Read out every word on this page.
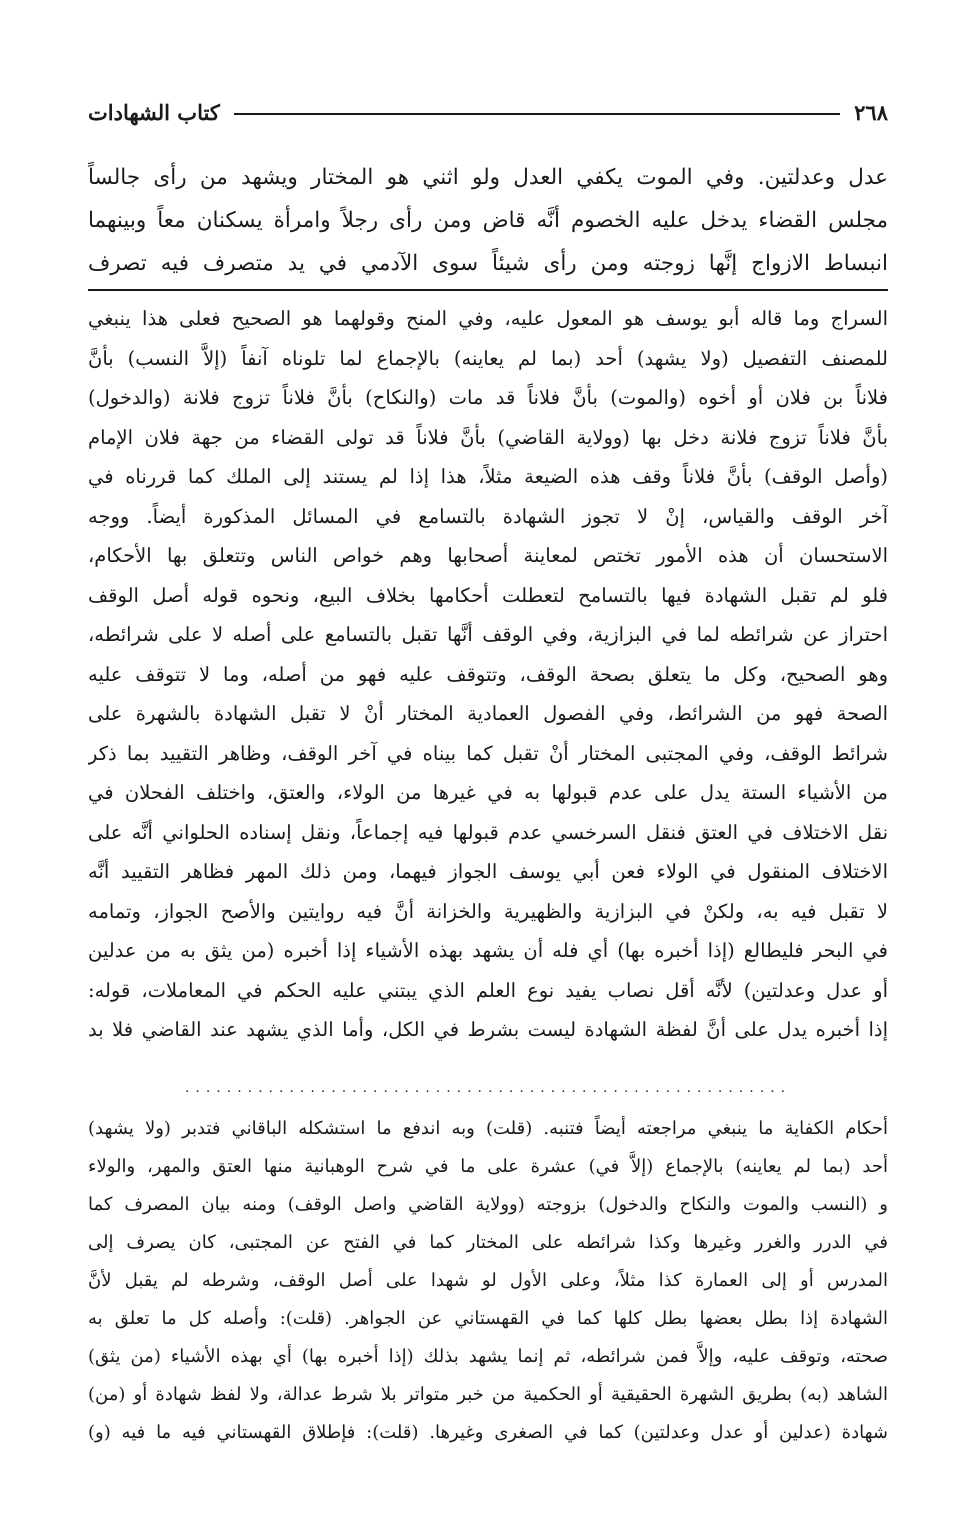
٢٦٨
كتاب الشهادات
عدل وعدلتين. وفي الموت يكفي العدل ولو اثني هو المختار ويشهد من رأى جالساً
مجلس القضاء يدخل عليه الخصوم أنَّه قاض ومن رأى رجلاً وامرأة يسكنان معاً وبينهما
انبساط الازواج إنَّها زوجته ومن رأى شيئاً سوى الآدمي في يد متصرف فيه تصرف
السراج وما قاله أبو يوسف هو المعول عليه، وفي المنح وقولهما هو الصحيح فعلى هذا ينبغي
للمصنف التفصيل (ولا يشهد) أحد (بما لم يعاينه) بالإجماع لما تلوناه آنفاً (إلاَّ النسب) بأنَّ
فلاناً بن فلان أو أخوه (والموت) بأنَّ فلاناً قد مات (والنكاح) بأنَّ فلاناً تزوج فلانة (والدخول)
بأنَّ فلاناً تزوج فلانة دخل بها (وولاية القاضي) بأنَّ فلاناً قد تولى القضاء من جهة فلان الإمام
(وأصل الوقف) بأنَّ فلاناً وقف هذه الضيعة مثلاً، هذا إذا لم يستند إلى الملك كما قررناه في
آخر الوقف والقياس، إنْ لا تجوز الشهادة بالتسامع في المسائل المذكورة أيضاً. ووجه
الاستحسان أن هذه الأمور تختص لمعاينة أصحابها وهم خواص الناس وتتعلق بها الأحكام،
فلو لم تقبل الشهادة فيها بالتسامح لتعطلت أحكامها بخلاف البيع، ونحوه قوله أصل الوقف
احتراز عن شرائطه لما في البزازية، وفي الوقف أنَّها تقبل بالتسامع على أصله لا على شرائطه،
وهو الصحيح، وكل ما يتعلق بصحة الوقف، وتتوقف عليه فهو من أصله، وما لا تتوقف عليه
الصحة فهو من الشرائط، وفي الفصول العمادية المختار أنْ لا تقبل الشهادة بالشهرة على
شرائط الوقف، وفي المجتبى المختار أنْ تقبل كما بيناه في آخر الوقف، وظاهر التقييد بما ذكر
من الأشياء الستة يدل على عدم قبولها به في غيرها من الولاء، والعتق، واختلف الفحلان في
نقل الاختلاف في العتق فنقل السرخسي عدم قبولها فيه إجماعاً، ونقل إسناده الحلواني أنَّه على
الاختلاف المنقول في الولاء فعن أبي يوسف الجواز فيهما، ومن ذلك المهر فظاهر التقييد أنَّه
لا تقبل فيه به، ولكنْ في البزازية والظهيرية والخزانة أنَّ فيه روايتين والأصح الجواز، وتمامه
في البحر فليطالع (إذا أخبره بها) أي فله أن يشهد بهذه الأشياء إذا أخبره (من يثق به من عدلين
أو عدل وعدلتين) لأنَّه أقل نصاب يفيد نوع العلم الذي يبتني عليه الحكم في المعاملات، قوله:
إذا أخبره يدل على أنَّ لفظة الشهادة ليست بشرط في الكل، وأما الذي يشهد عند القاضي فلا بد
..........................................................
أحكام الكفاية ما ينبغي مراجعته أيضاً فتنبه. (قلت) وبه اندفع ما استشكله الباقاني فتدبر (ولا يشهد)
أحد (بما لم يعاينه) بالإجماع (إلاَّ في) عشرة على ما في شرح الوهبانية منها العتق والمهر، والولاء
و (النسب والموت والنكاح والدخول) بزوجته (وولاية القاضي واصل الوقف) ومنه بيان المصرف كما
في الدرر والغرر وغيرها وكذا شرائطه على المختار كما في الفتح عن المجتبى، كان يصرف إلى
المدرس أو إلى العمارة كذا مثلاً، وعلى الأول لو شهدا على أصل الوقف، وشرطه لم يقبل لأنَّ
الشهادة إذا بطل بعضها بطل كلها كما في القهستاني عن الجواهر. (قلت): وأصله كل ما تعلق به
صحته، وتوقف عليه، وإلاَّ فمن شرائطه، ثم إنما يشهد بذلك (إذا أخبره بها) أي بهذه الأشياء (من يثق)
الشاهد (به) بطريق الشهرة الحقيقية أو الحكمية من خبر متواتر بلا شرط عدالة، ولا لفظ شهادة أو (من)
شهادة (عدلين أو عدل وعدلتين) كما في الصغرى وغيرها. (قلت): فإطلاق القهستاني فيه ما فيه (و)
